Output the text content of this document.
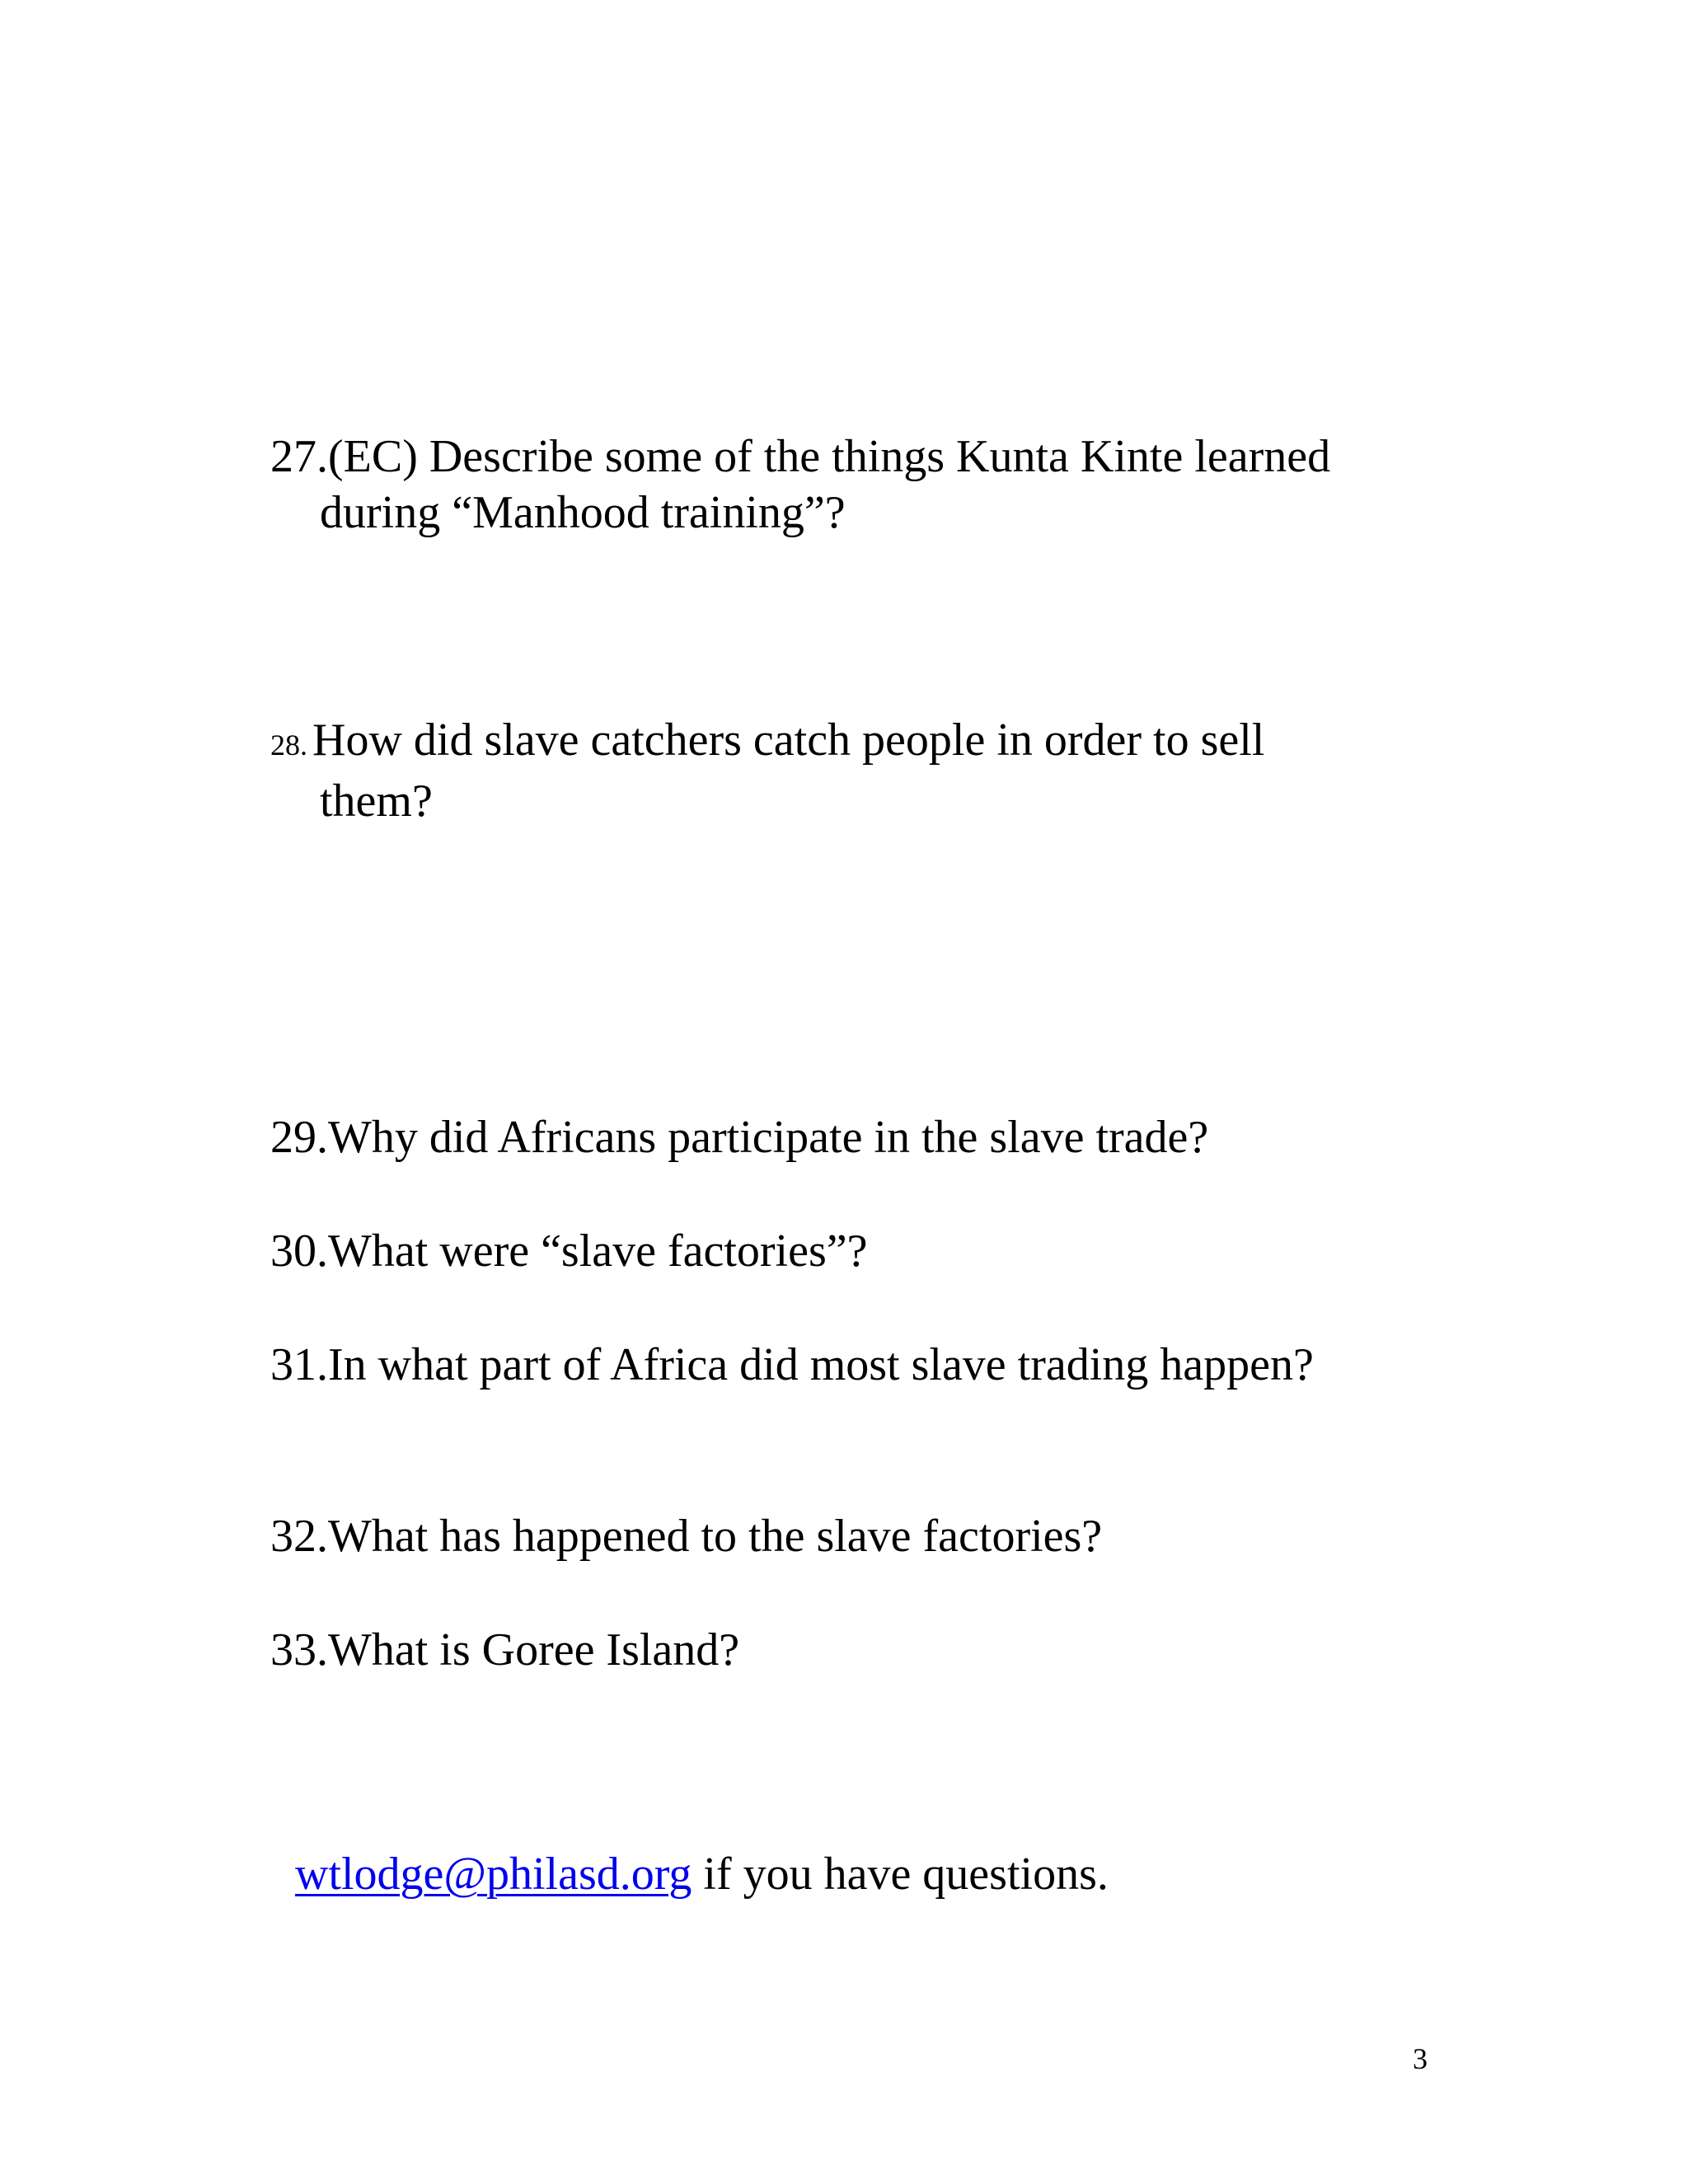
27.(EC) Describe some of the things Kunta Kinte learned
during “Manhood training”?
28. How did slave catchers catch people in order to sell
them?
29.Why did Africans participate in the slave trade?
30.What were “slave factories”?
31.In what part of Africa did most slave trading happen?
32.What has happened to the slave factories?
33.What is Goree Island?
wtlodge@philasd.org if you have questions.
3
